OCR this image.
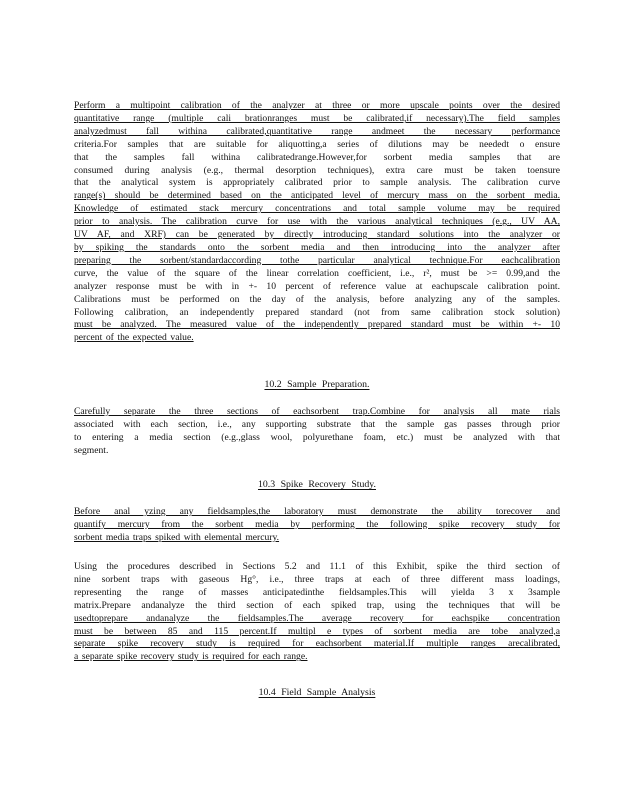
Perform a multipoint calibration of the analyzer at three or more upscale points over the desired
quantitative range (multiple cali brationranges must be calibrated,if necessary).The field samples
analyzedmust fall withina calibrated,quantitative range andmeet the necessary performance
criteria.For samples that are suitable for aliquotting,a series of dilutions may be neededt o ensure
that the samples fall withina calibratedrange.However,for sorbent media samples that are
consumed during analysis (e.g., thermal desorption techniques), extra care must be taken toensure
that the analytical system is appropriately calibrated prior to sample analysis. The calibration curve
range(s) should be determined based on the anticipated level of mercury mass on the sorbent media.
Knowledge of estimated stack mercury concentrations and total sample volume may be required
prior to analysis. The calibration curve for use with the various analytical techniques (e.g., UV AA,
UV AF, and XRF) can be generated by directly introducing standard solutions into the analyzer or
by spiking the standards onto the sorbent media and then introducing into the analyzer after
preparing the sorbent/standardaccording tothe particular analytical technique.For eachcalibration
curve, the value of the square of the linear correlation coefficient, i.e., r², must be >= 0.99,and the
analyzer response must be with in +- 10 percent of reference value at eachupscale calibration point.
Calibrations must be performed on the day of the analysis, before analyzing any of the samples.
Following calibration, an independently prepared standard (not from same calibration stock solution)
must be analyzed. The measured value of the independently prepared standard must be within +- 10
percent of the expected value.
10.2 Sample Preparation.
Carefully separate the three sections of eachsorbent trap.Combine for analysis all mate rials
associated with each section, i.e., any supporting substrate that the sample gas passes through prior
to entering a media section (e.g.,glass wool, polyurethane foam, etc.) must be analyzed with that
segment.
10.3 Spike Recovery Study.
Before anal yzing any fieldsamples,the laboratory must demonstrate the ability torecover and
quantify mercury from the sorbent media by performing the following spike recovery study for
sorbent media traps spiked with elemental mercury.
Using the procedures described in Sections 5.2 and 11.1 of this Exhibit, spike the third section of
nine sorbent traps with gaseous Hg°, i.e., three traps at each of three different mass loadings,
representing the range of masses anticipatedinthe fieldsamples.This will yielda 3 x 3sample
matrix.Prepare andanalyze the third section of each spiked trap, using the techniques that will be
usedtoprepare andanalyze the fieldsamples.The average recovery for eachspike concentration
must be between 85 and 115 percent.If multipl e types of sorbent media are tobe analyzed,a
separate spike recovery study is required for eachsorbent material.If multiple ranges arecalibrated,
a separate spike recovery study is required for each range.
10.4 Field Sample Analysis
